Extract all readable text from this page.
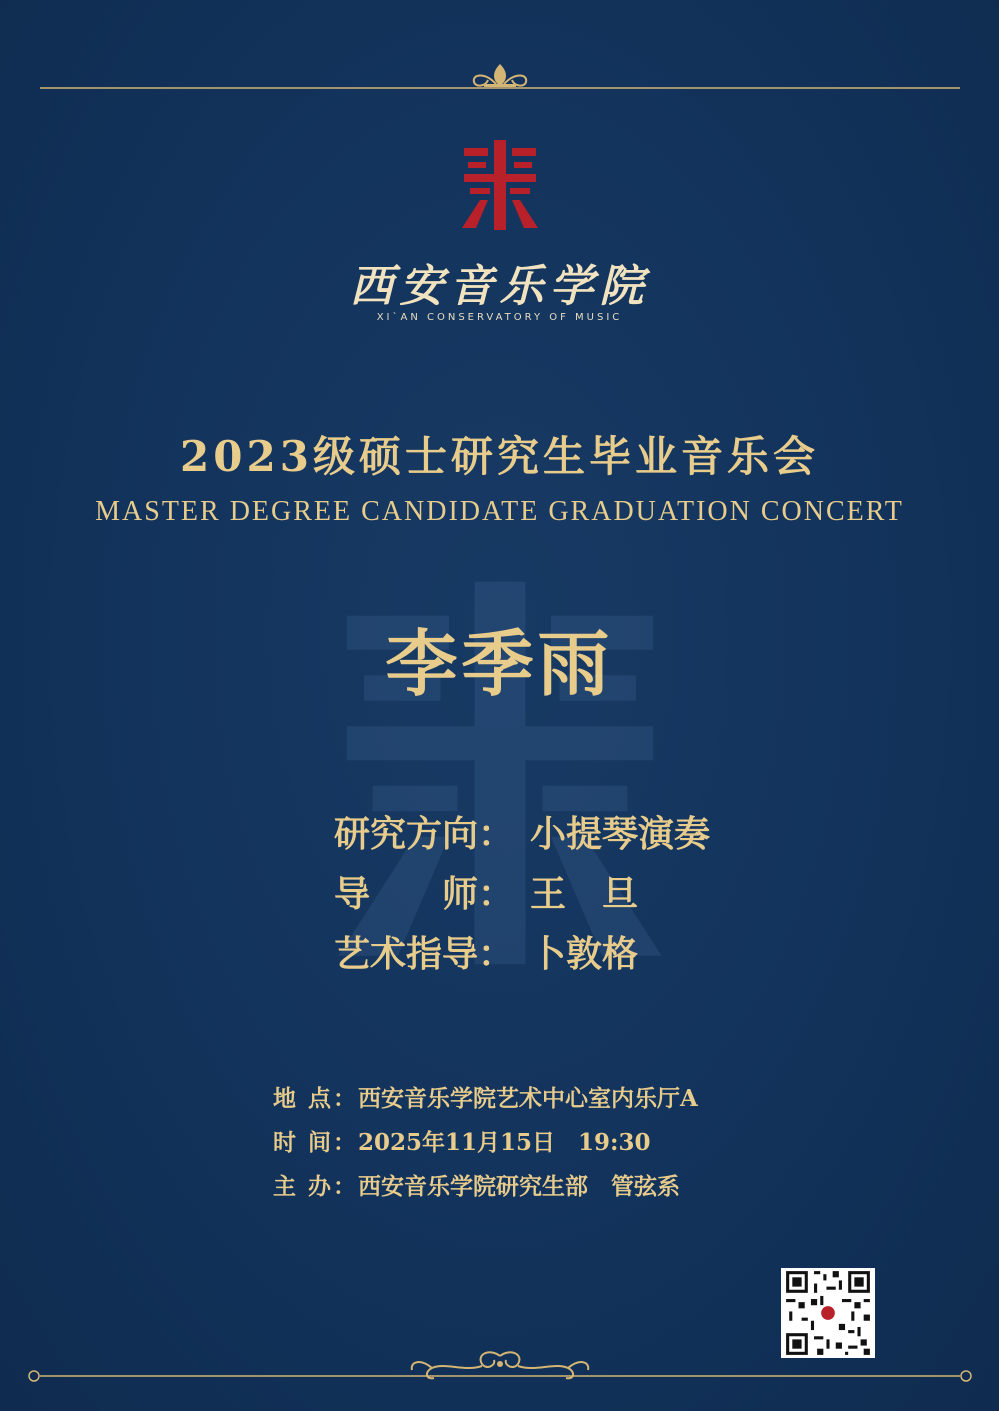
西安音乐学院
XI`AN CONSERVATORY OF MUSIC
2023级硕士研究生毕业音乐会
MASTER DEGREE CANDIDATE GRADUATION CONCERT
李季雨
研究方向： 小提琴演奏
导　　师： 王　旦
艺术指导： 卜敦格
地 点：西安音乐学院艺术中心室内乐厅A
时 间：2025年11月15日　19:30
主 办：西安音乐学院研究生部　管弦系
